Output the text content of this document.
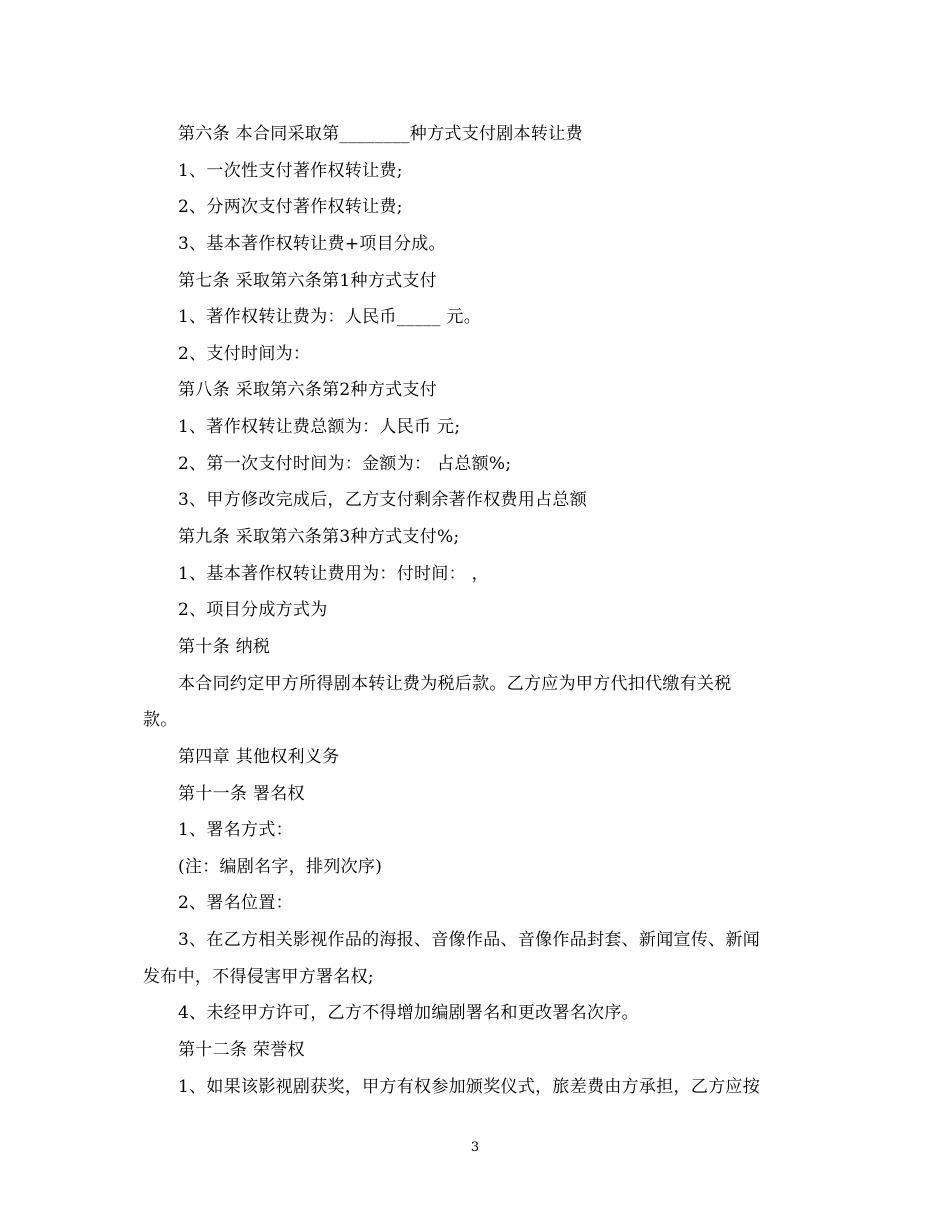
第六条 本合同采取第________种方式支付剧本转让费
1、一次性支付著作权转让费;
2、分两次支付著作权转让费;
3、基本著作权转让费+项目分成。
第七条 采取第六条第1种方式支付
1、著作权转让费为：人民币_____ 元。
2、支付时间为：
第八条 采取第六条第2种方式支付
1、著作权转让费总额为：人民币 元;
2、第一次支付时间为：金额为： 占总额%;
3、甲方修改完成后，乙方支付剩余著作权费用占总额
第九条 采取第六条第3种方式支付%;
1、基本著作权转让费用为：付时间： ，
2、项目分成方式为
第十条 纳税
本合同约定甲方所得剧本转让费为税后款。乙方应为甲方代扣代缴有关税
款。
第四章 其他权利义务
第十一条 署名权
1、署名方式：
(注：编剧名字，排列次序)
2、署名位置：
3、在乙方相关影视作品的海报、音像作品、音像作品封套、新闻宣传、新闻
发布中，不得侵害甲方署名权;
4、未经甲方许可，乙方不得增加编剧署名和更改署名次序。
第十二条 荣誉权
1、如果该影视剧获奖，甲方有权参加颁奖仪式，旅差费由方承担，乙方应按
3
